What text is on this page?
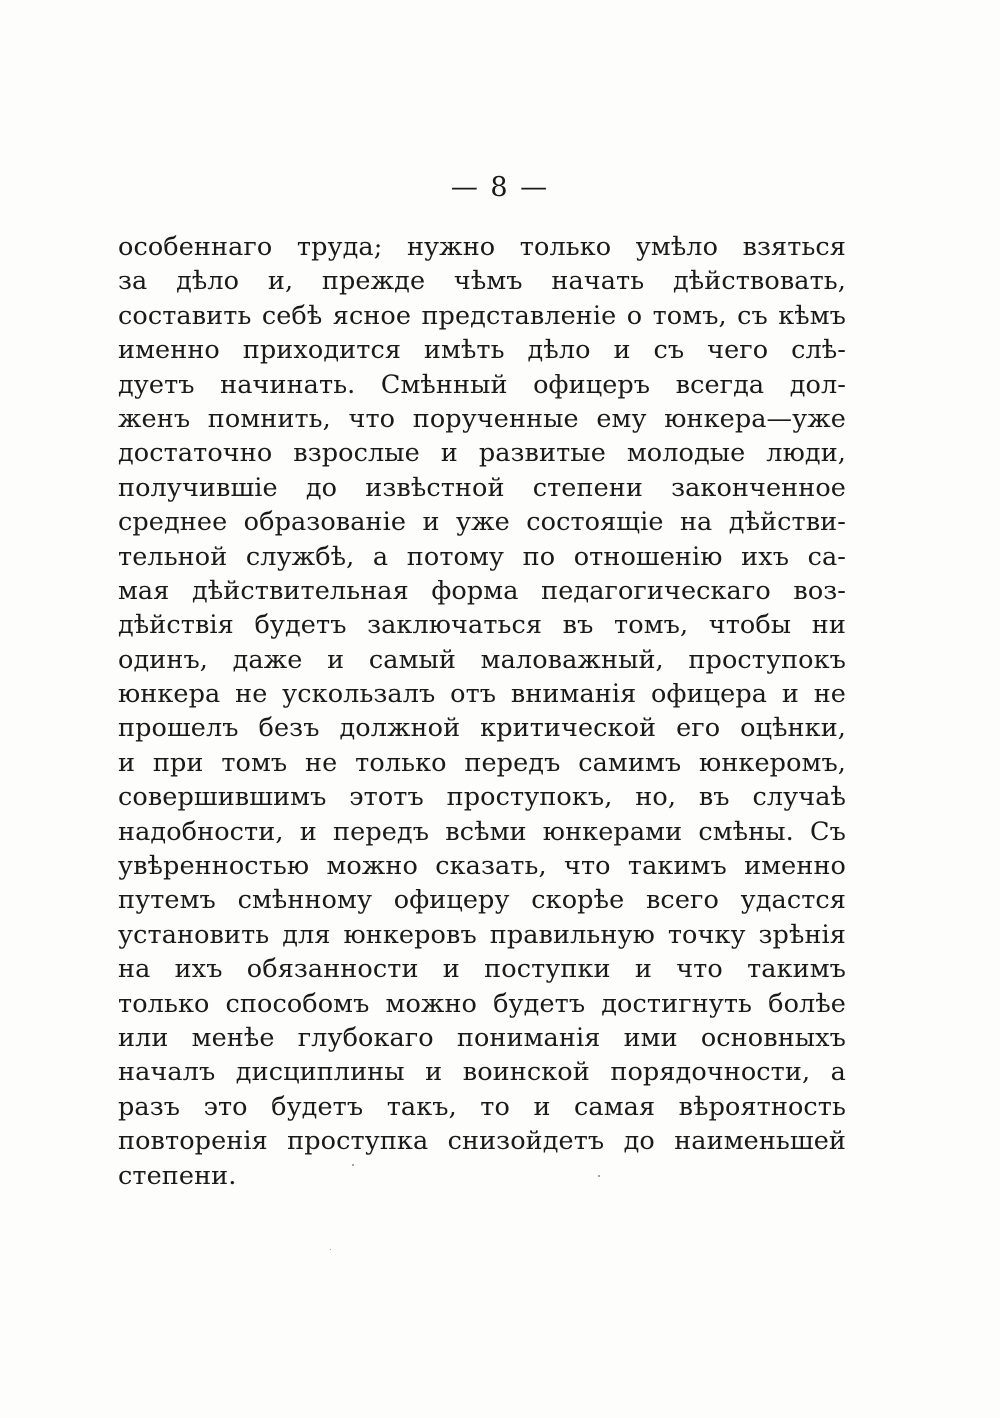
— 8 —
особеннаго труда; нужно только умѣло взяться
за дѣло и, прежде чѣмъ начать дѣйствовать,
составить себѣ ясное представленіе о томъ, съ кѣмъ
именно приходится имѣть дѣло и съ чего слѣ-
дуетъ начинать. Смѣнный офицеръ всегда дол-
женъ помнить, что порученные ему юнкера—уже
достаточно взрослые и развитые молодые люди,
получившіе до извѣстной степени законченное
среднее образованіе и уже состоящіе на дѣйстви-
тельной службѣ, а потому по отношенію ихъ са-
мая дѣйствительная форма педагогическаго воз-
дѣйствія будетъ заключаться въ томъ, чтобы ни
одинъ, даже и самый маловажный, проступокъ
юнкера не ускользалъ отъ вниманія офицера и не
прошелъ безъ должной критической его оцѣнки,
и при томъ не только передъ самимъ юнкеромъ,
совершившимъ этотъ проступокъ, но, въ случаѣ
надобности, и передъ всѣми юнкерами смѣны. Съ
увѣренностью можно сказать, что такимъ именно
путемъ смѣнному офицеру скорѣе всего удастся
установить для юнкеровъ правильную точку зрѣнія
на ихъ обязанности и поступки и что такимъ
только способомъ можно будетъ достигнуть болѣе
или менѣе глубокаго пониманія ими основныхъ
началъ дисциплины и воинской порядочности, а
разъ это будетъ такъ, то и самая вѣроятность
повторенія проступка снизойдетъ до наименьшей
степени.
